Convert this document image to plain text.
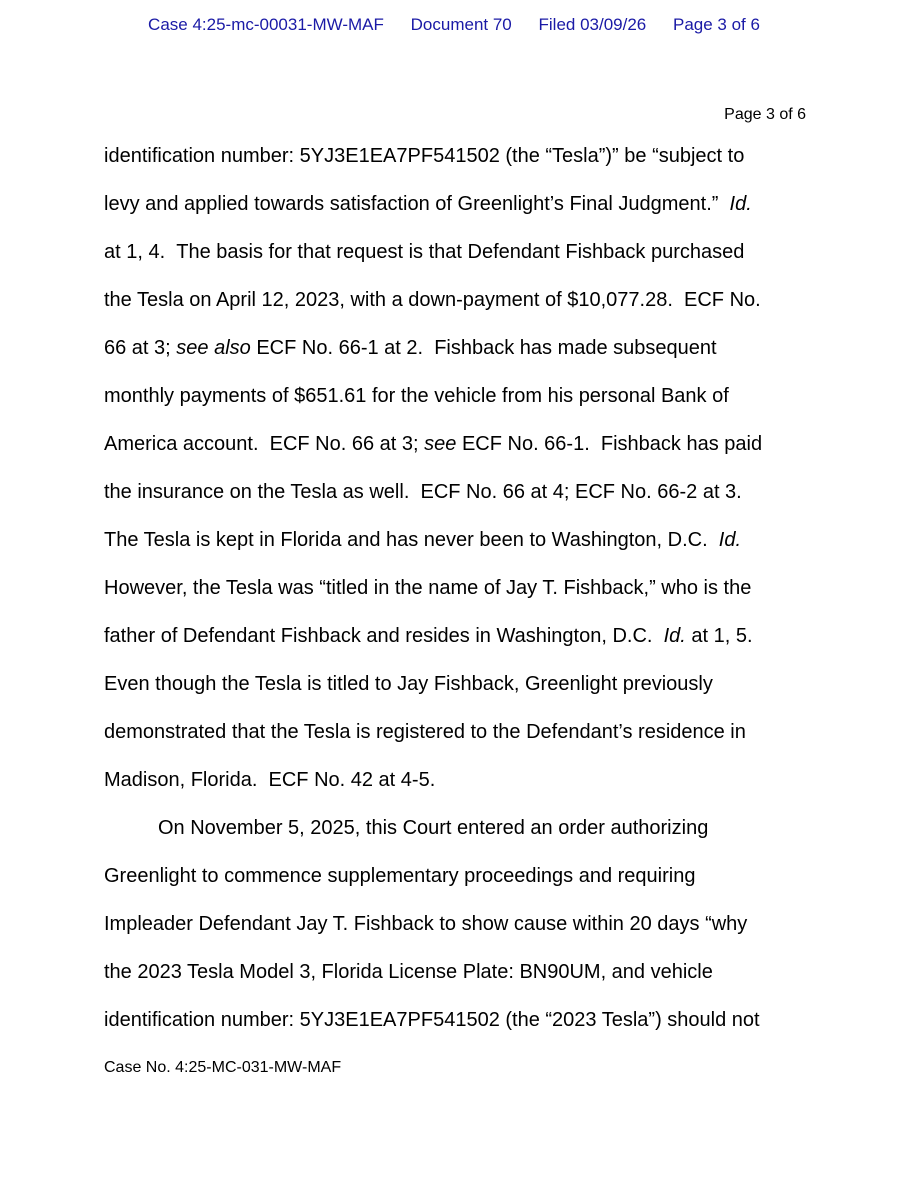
Case 4:25-mc-00031-MW-MAF Document 70 Filed 03/09/26 Page 3 of 6
Page 3 of 6
identification number: 5YJ3E1EA7PF541502 (the “Tesla”)” be “subject to
levy and applied towards satisfaction of Greenlight’s Final Judgment.”  Id.
at 1, 4.  The basis for that request is that Defendant Fishback purchased
the Tesla on April 12, 2023, with a down-payment of $10,077.28.  ECF No.
66 at 3; see also ECF No. 66-1 at 2.  Fishback has made subsequent
monthly payments of $651.61 for the vehicle from his personal Bank of
America account.  ECF No. 66 at 3; see ECF No. 66-1.  Fishback has paid
the insurance on the Tesla as well.  ECF No. 66 at 4; ECF No. 66-2 at 3.
The Tesla is kept in Florida and has never been to Washington, D.C.  Id.
However, the Tesla was “titled in the name of Jay T. Fishback,” who is the
father of Defendant Fishback and resides in Washington, D.C.  Id. at 1, 5.
Even though the Tesla is titled to Jay Fishback, Greenlight previously
demonstrated that the Tesla is registered to the Defendant’s residence in
Madison, Florida.  ECF No. 42 at 4-5.
On November 5, 2025, this Court entered an order authorizing
Greenlight to commence supplementary proceedings and requiring
Impleader Defendant Jay T. Fishback to show cause within 20 days “why
the 2023 Tesla Model 3, Florida License Plate: BN90UM, and vehicle
identification number: 5YJ3E1EA7PF541502 (the “2023 Tesla”) should not
Case No. 4:25-MC-031-MW-MAF
